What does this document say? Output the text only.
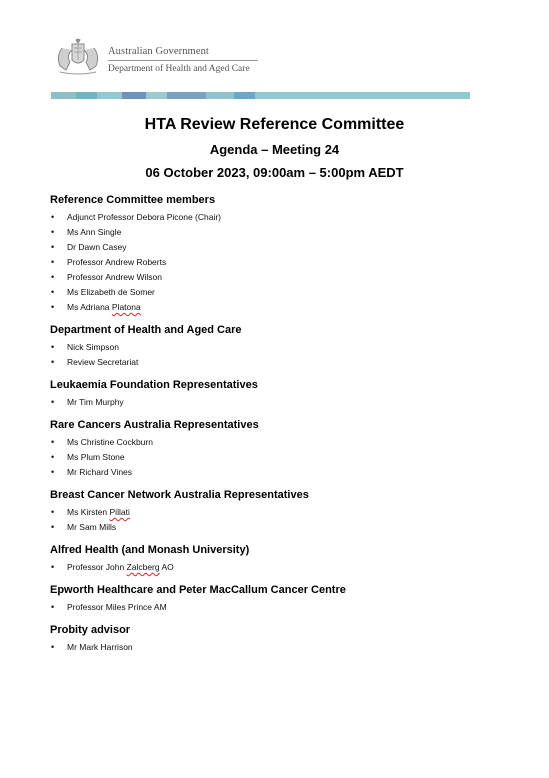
Australian Government
Department of Health and Aged Care
HTA Review Reference Committee
Agenda – Meeting 24
06 October 2023, 09:00am – 5:00pm AEDT
Reference Committee members
• Adjunct Professor Debora Picone (Chair)
• Ms Ann Single
• Dr Dawn Casey
• Professor Andrew Roberts
• Professor Andrew Wilson
• Ms Elizabeth de Somer
• Ms Adriana Platona
Department of Health and Aged Care
• Nick Simpson
• Review Secretariat
Leukaemia Foundation Representatives
• Mr Tim Murphy
Rare Cancers Australia Representatives
• Ms Christine Cockburn
• Ms Plum Stone
• Mr Richard Vines
Breast Cancer Network Australia Representatives
• Ms Kirsten Pillati
• Mr Sam Mills
Alfred Health (and Monash University)
• Professor John Zalcberg AO
Epworth Healthcare and Peter MacCallum Cancer Centre
• Professor Miles Prince AM
Probity advisor
• Mr Mark Harrison
